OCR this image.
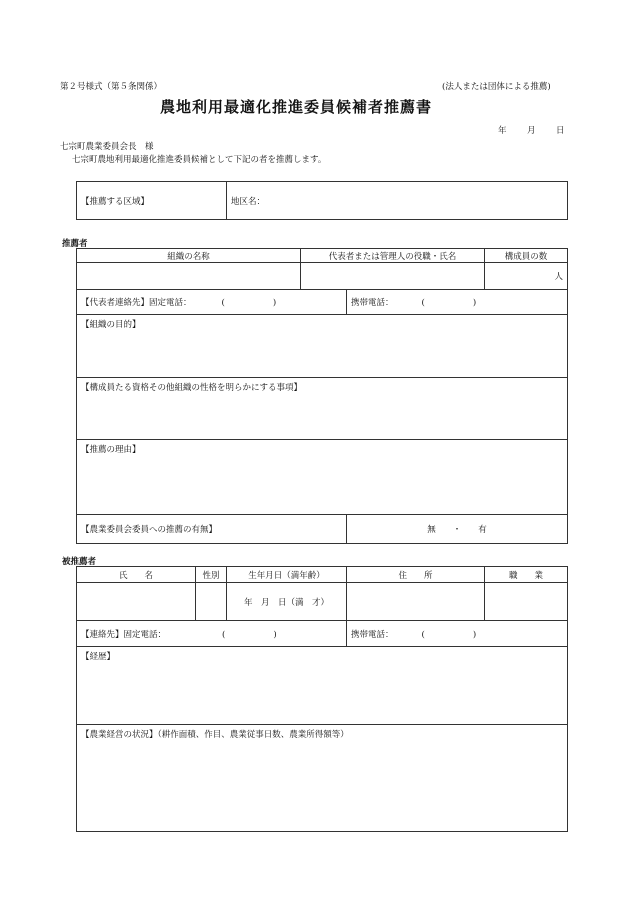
第２号様式（第５条関係）	(法人または団体による推薦)
農地利用最適化推進委員候補者推薦書
年 月 日
七宗町農業委員会長　様
七宗町農地利用最適化推進委員候補として下記の者を推薦します。
【推薦する区域】	地区名：
推薦者
組織の名称	代表者または管理人の役職・氏名		構成員の数
			人
【代表者連絡先】固定電話： ( )		携帯電話： ( )	
【組織の目的】			
【構成員たる資格その他組織の性格を明らかにする事項】			
【推薦の理由】			
【農業委員会委員への推薦の有無】		無　　・　　有	
被推薦者
氏　　名	性別	生年月日（満年齢）	住　　所	職　　業
		年　月　日（満　才）		
【連絡先】固定電話： ( )			携帯電話： ( )	
【経歴】				
【農業経営の状況】（耕作面積、作目、農業従事日数、農業所得額等）				
